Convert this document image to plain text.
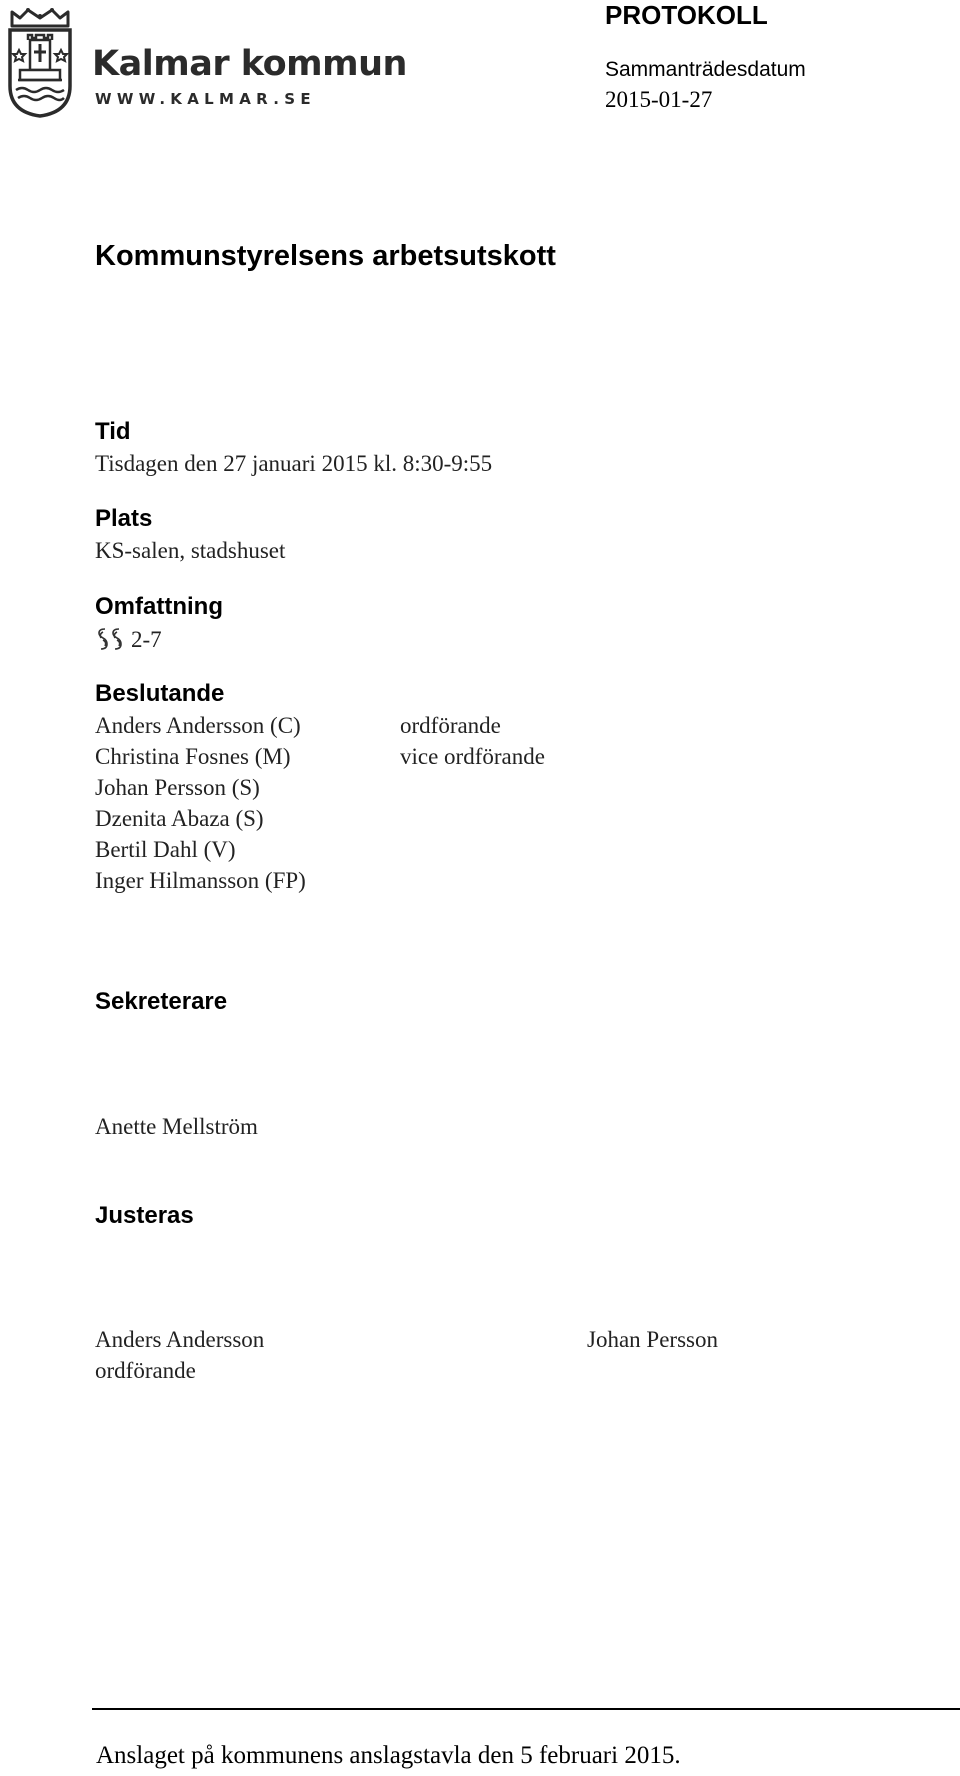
Kalmar kommun
WWW.KALMAR.SE
PROTOKOLL
Sammanträdesdatum
2015-01-27
Kommunstyrelsens arbetsutskott
Tid
Tisdagen den 27 januari 2015 kl. 8:30-9:55
Plats
KS-salen, stadshuset
Omfattning
2-7
Beslutande
Anders Andersson (C)	ordförande
Christina Fosnes (M)	vice ordförande
Johan Persson (S)
Dzenita Abaza (S)
Bertil Dahl (V)
Inger Hilmansson (FP)
Sekreterare
Anette Mellström
Justeras
Anders Andersson
ordförande
Johan Persson
Anslaget på kommunens anslagstavla den 5 februari 2015.
